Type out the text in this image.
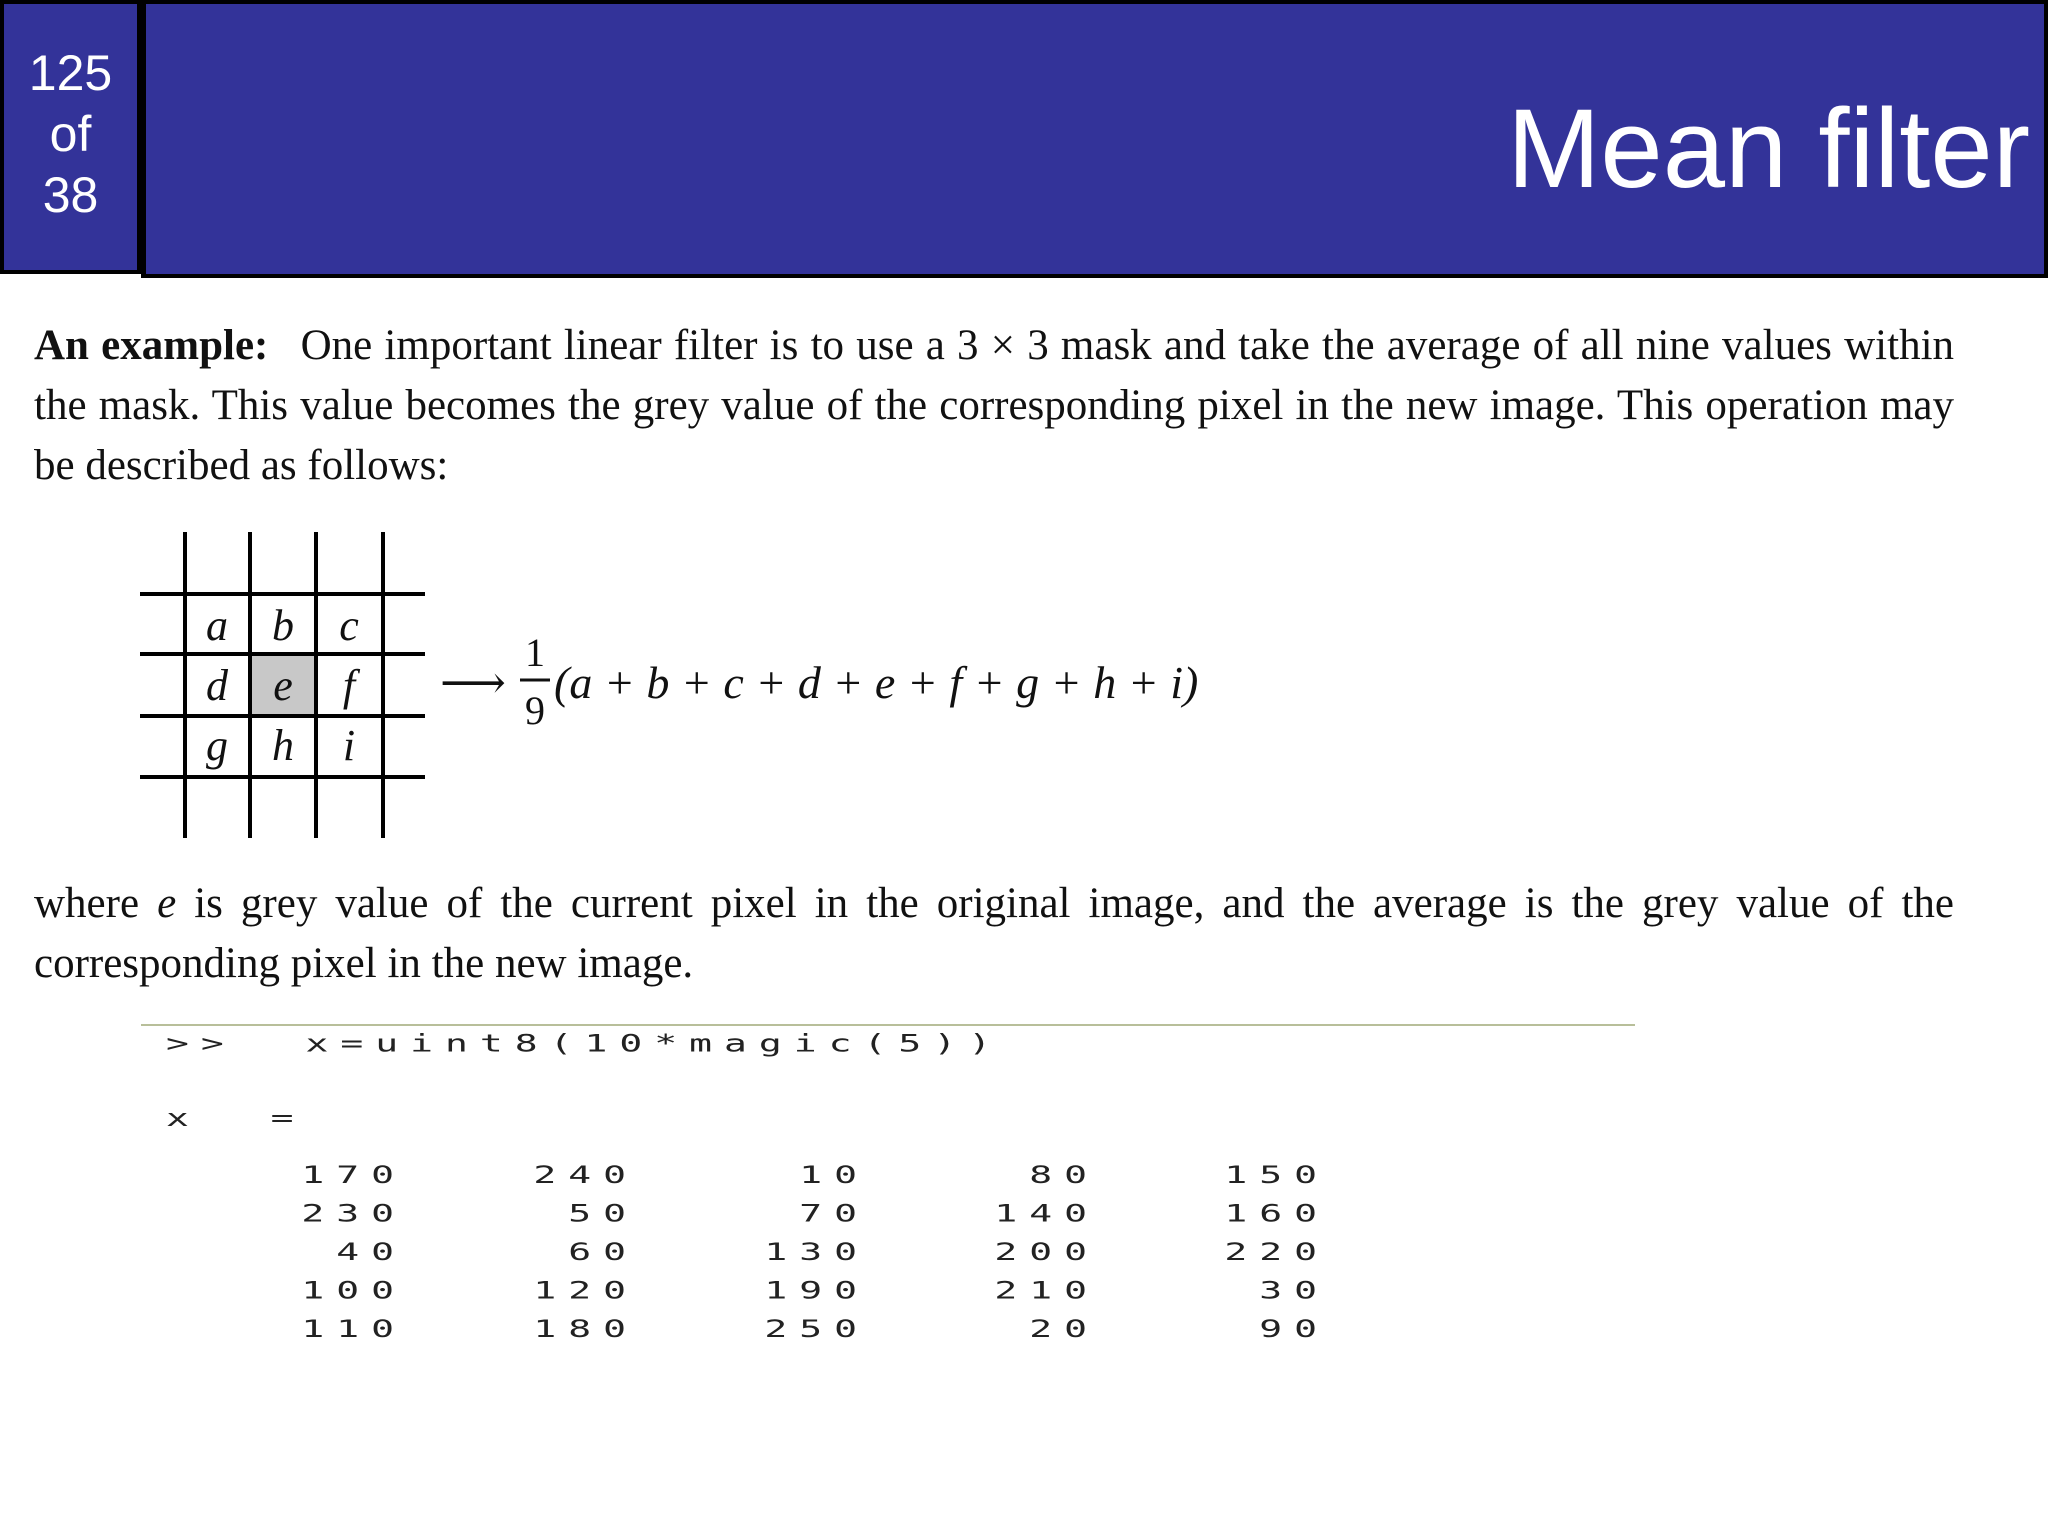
125
of
38	Mean filter
An example: One important linear filter is to use a 3 × 3 mask and take the average of all nine values within the mask. This value becomes the grey value of the corresponding pixel in the new image. This operation may be described as follows:
a b c
d e f
g h i
⟶
1
9
(a + b + c + d + e + f + g + h + i)
where e is grey value of the current pixel in the original image, and the average is the grey value of the corresponding pixel in the new image.

>>  x=uint8(10*magic(5))

x  =

170	240	10	80	150
230	50	70	140	160
40	60	130	200	220
100	120	190	210	30
110	180	250	20	90
